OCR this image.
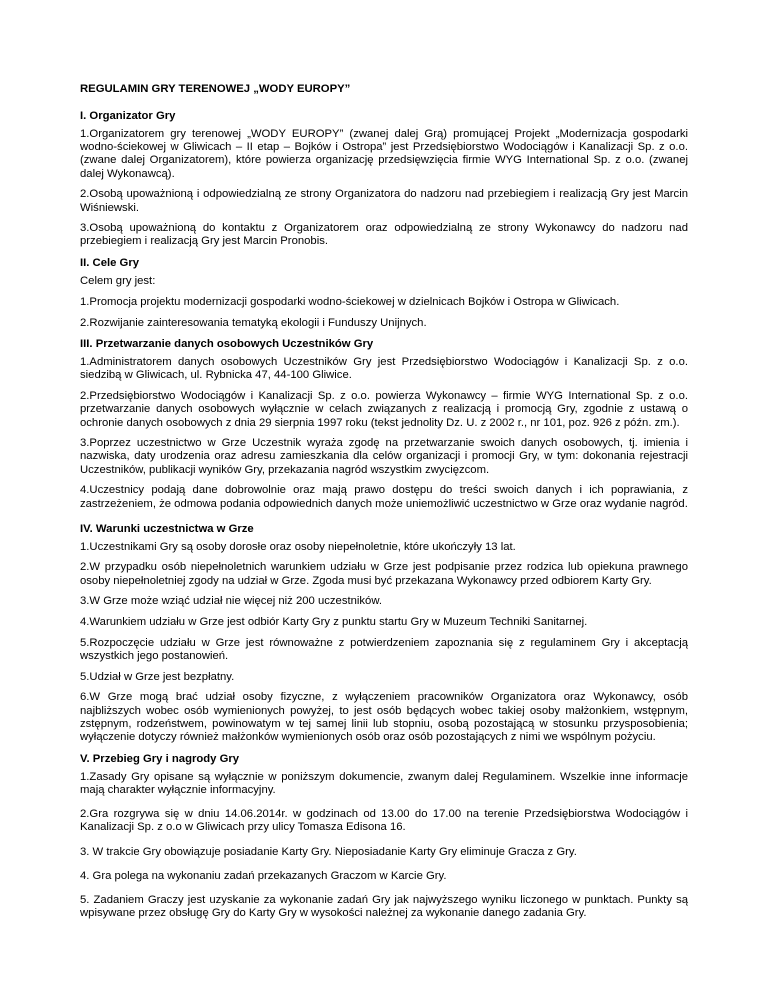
REGULAMIN GRY TERENOWEJ „WODY EUROPY”
I. Organizator Gry

1.Organizatorem gry terenowej „WODY EUROPY” (zwanej dalej Grą) promującej Projekt „Modernizacja gospodarki wodno-ściekowej w Gliwicach – II etap – Bojków i Ostropa” jest Przedsiębiorstwo Wodociągów i Kanalizacji Sp. z o.o. (zwane dalej Organizatorem), które powierza organizację przedsięwzięcia firmie WYG International Sp. z o.o. (zwanej dalej Wykonawcą).

2.Osobą upoważnioną i odpowiedzialną ze strony Organizatora do nadzoru nad przebiegiem i realizacją Gry jest Marcin Wiśniewski.

3.Osobą upoważnioną do kontaktu z Organizatorem oraz odpowiedzialną ze strony Wykonawcy do nadzoru nad przebiegiem i realizacją Gry jest Marcin Pronobis.

II. Cele Gry

Celem gry jest:

1.Promocja projektu modernizacji gospodarki wodno-ściekowej w dzielnicach Bojków i Ostropa w Gliwicach.

2.Rozwijanie zainteresowania tematyką ekologii i Funduszy Unijnych.

III. Przetwarzanie danych osobowych Uczestników Gry

1.Administratorem danych osobowych Uczestników Gry jest Przedsiębiorstwo Wodociągów i Kanalizacji Sp. z o.o. siedzibą w Gliwicach, ul. Rybnicka 47, 44-100 Gliwice.

2.Przedsiębiorstwo Wodociągów i Kanalizacji Sp. z o.o. powierza Wykonawcy – firmie WYG International Sp. z o.o. przetwarzanie danych osobowych wyłącznie w celach związanych z realizacją i promocją Gry, zgodnie z ustawą o ochronie danych osobowych z dnia 29 sierpnia 1997 roku (tekst jednolity Dz. U. z 2002 r., nr 101, poz. 926 z późn. zm.).

3.Poprzez uczestnictwo w Grze Uczestnik wyraża zgodę na przetwarzanie swoich danych osobowych, tj. imienia i nazwiska, daty urodzenia oraz adresu zamieszkania dla celów organizacji i promocji Gry, w tym: dokonania rejestracji Uczestników, publikacji wyników Gry, przekazania nagród wszystkim zwycięzcom.

4.Uczestnicy podają dane dobrowolnie oraz mają prawo dostępu do treści swoich danych i ich poprawiania, z zastrzeżeniem, że odmowa podania odpowiednich danych może uniemożliwić uczestnictwo w Grze oraz wydanie nagród.

IV. Warunki uczestnictwa w Grze

1.Uczestnikami Gry są osoby dorosłe oraz osoby niepełnoletnie, które ukończyły 13 lat.

2.W przypadku osób niepełnoletnich warunkiem udziału w Grze jest podpisanie przez rodzica lub opiekuna prawnego osoby niepełnoletniej zgody na udział w Grze. Zgoda musi być przekazana Wykonawcy przed odbiorem Karty Gry.

3.W Grze może wziąć udział nie więcej niż 200 uczestników.

4.Warunkiem udziału w Grze jest odbiór Karty Gry z punktu startu Gry w Muzeum Techniki Sanitarnej.

5.Rozpoczęcie udziału w Grze jest równoważne z potwierdzeniem zapoznania się z regulaminem Gry i akceptacją wszystkich jego postanowień.

5.Udział w Grze jest bezpłatny.

6.W Grze mogą brać udział osoby fizyczne, z wyłączeniem pracowników Organizatora oraz Wykonawcy, osób najbliższych wobec osób wymienionych powyżej, to jest osób będących wobec takiej osoby małżonkiem, wstępnym, zstępnym, rodzeństwem, powinowatym w tej samej linii lub stopniu, osobą pozostającą w stosunku przysposobienia; wyłączenie dotyczy również małżonków wymienionych osób oraz osób pozostających z nimi we wspólnym pożyciu.

V. Przebieg Gry i nagrody Gry

1.Zasady Gry opisane są wyłącznie w poniższym dokumencie, zwanym dalej Regulaminem. Wszelkie inne informacje mają charakter wyłącznie informacyjny.

2.Gra rozgrywa się w dniu 14.06.2014r. w godzinach od 13.00 do 17.00 na terenie Przedsiębiorstwa Wodociągów i Kanalizacji Sp. z o.o w Gliwicach przy ulicy Tomasza Edisona 16.

3. W trakcie Gry obowiązuje posiadanie Karty Gry. Nieposiadanie Karty Gry eliminuje Gracza z Gry.

4. Gra polega na wykonaniu zadań przekazanych Graczom w Karcie Gry.

5. Zadaniem Graczy jest uzyskanie za wykonanie zadań Gry jak najwyższego wyniku liczonego w punktach. Punkty są wpisywane przez obsługę Gry do Karty Gry w wysokości należnej za wykonanie danego zadania Gry.
